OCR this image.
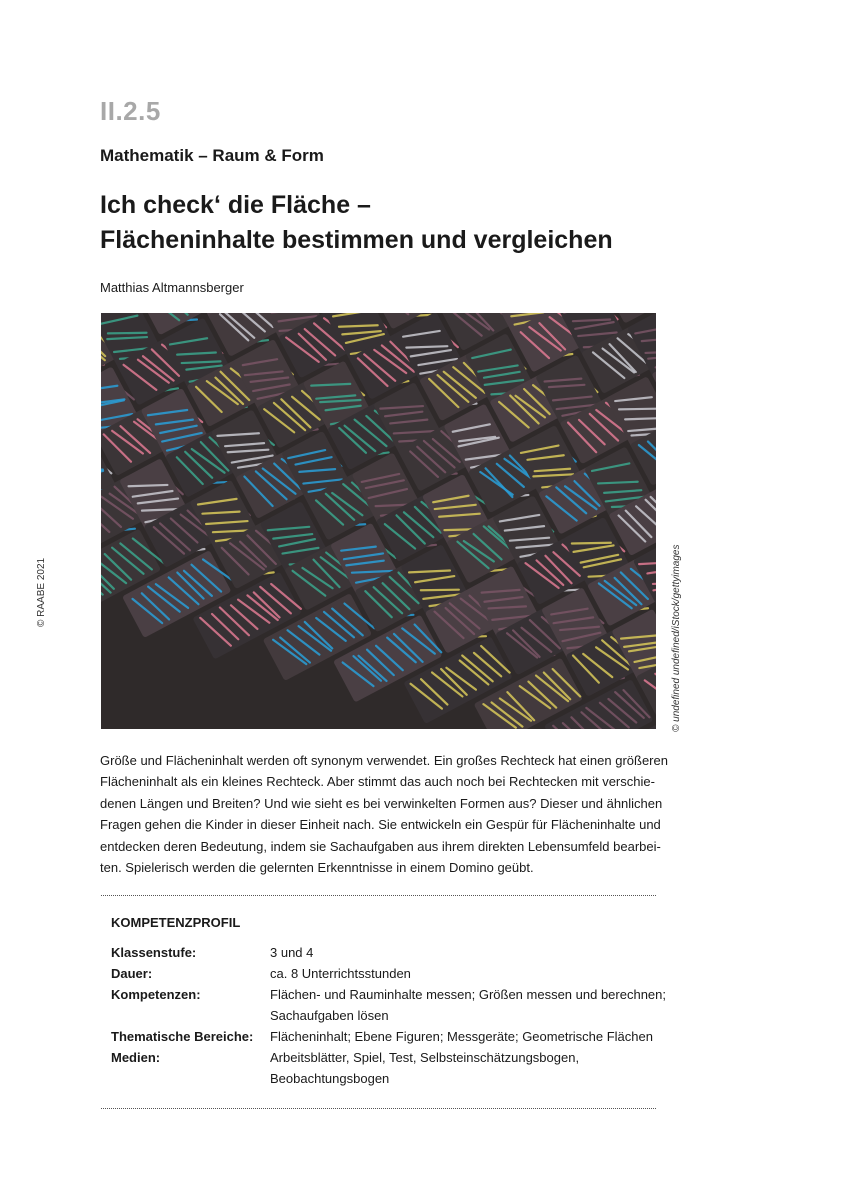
II.2.5
Mathematik – Raum & Form
Ich check‘ die Fläche –
Flächeninhalte bestimmen und vergleichen
Matthias Altmannsberger
© undefined undefined/iStock/gettyimages
© RAABE 2021

Größe und Flächeninhalt werden oft synonym verwendet. Ein großes Rechteck hat einen größeren
Flächeninhalt als ein kleines Rechteck. Aber stimmt das auch noch bei Rechtecken mit verschie-
denen Längen und Breiten? Und wie sieht es bei verwinkelten Formen aus? Dieser und ähnlichen
Fragen gehen die Kinder in dieser Einheit nach. Sie entwickeln ein Gespür für Flächeninhalte und
entdecken deren Bedeutung, indem sie Sachaufgaben aus ihrem direkten Lebensumfeld bearbei-
ten. Spielerisch werden die gelernten Erkenntnisse in einem Domino geübt.

KOMPETENZPROFIL
Klassenstufe:	3 und 4
Dauer:	ca. 8 Unterrichtsstunden
Kompetenzen:	Flächen- und Rauminhalte messen; Größen messen und berechnen;
Sachaufgaben lösen
Thematische Bereiche: Flächeninhalt; Ebene Figuren; Messgeräte; Geometrische Flächen
Medien:	Arbeitsblätter, Spiel, Test, Selbsteinschätzungsbogen,
Beobachtungsbogen
